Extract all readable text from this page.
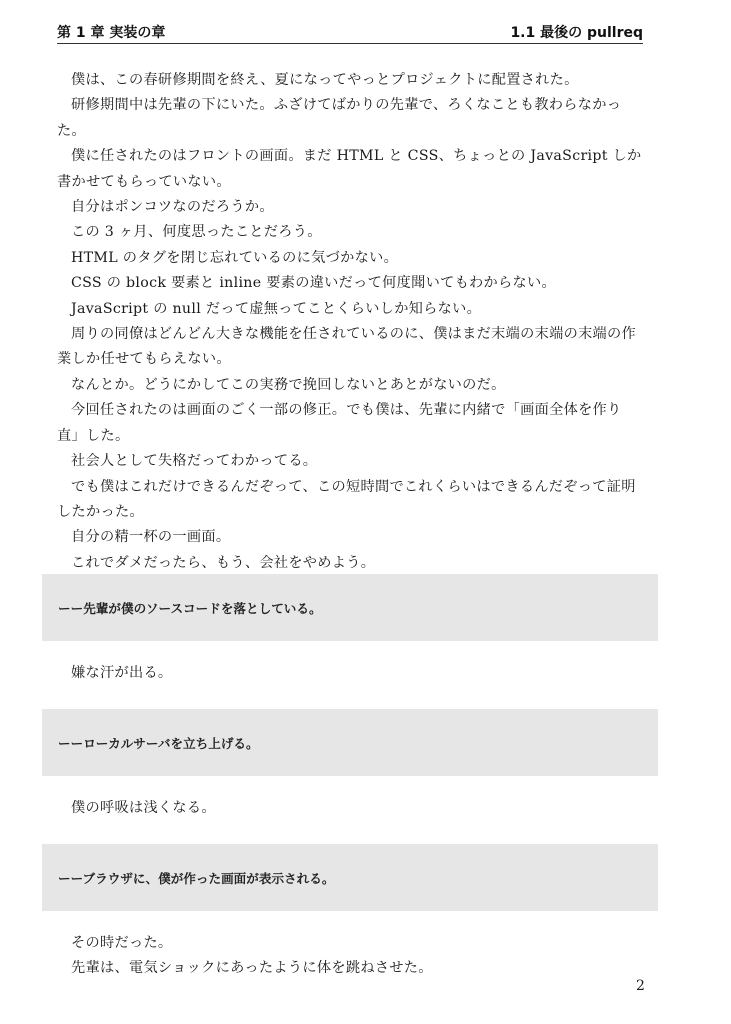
第 1 章 実装の章	1.1 最後の pullreq

僕は、この春研修期間を終え、夏になってやっとプロジェクトに配置された。

研修期間中は先輩の下にいた。ふざけてばかりの先輩で、ろくなことも教わらなかった。

僕に任されたのはフロントの画面。まだ HTML と CSS、ちょっとの JavaScript しか書かせてもらっていない。

自分はポンコツなのだろうか。

この 3 ヶ月、何度思ったことだろう。

HTML のタグを閉じ忘れているのに気づかない。

CSS の block 要素と inline 要素の違いだって何度聞いてもわからない。

JavaScript の null だって虚無ってことくらいしか知らない。

周りの同僚はどんどん大きな機能を任されているのに、僕はまだ末端の末端の末端の作業しか任せてもらえない。

なんとか。どうにかしてこの実務で挽回しないとあとがないのだ。

今回任されたのは画面のごく一部の修正。でも僕は、先輩に内緒で「画面全体を作り直」した。

社会人として失格だってわかってる。

でも僕はこれだけできるんだぞって、この短時間でこれくらいはできるんだぞって証明したかった。

自分の精一杯の一画面。

これでダメだったら、もう、会社をやめよう。

ーー先輩が僕のソースコードを落としている。

嫌な汗が出る。

ーーローカルサーバを立ち上げる。

僕の呼吸は浅くなる。

ーーブラウザに、僕が作った画面が表示される。

その時だった。

先輩は、電気ショックにあったように体を跳ねさせた。

2
